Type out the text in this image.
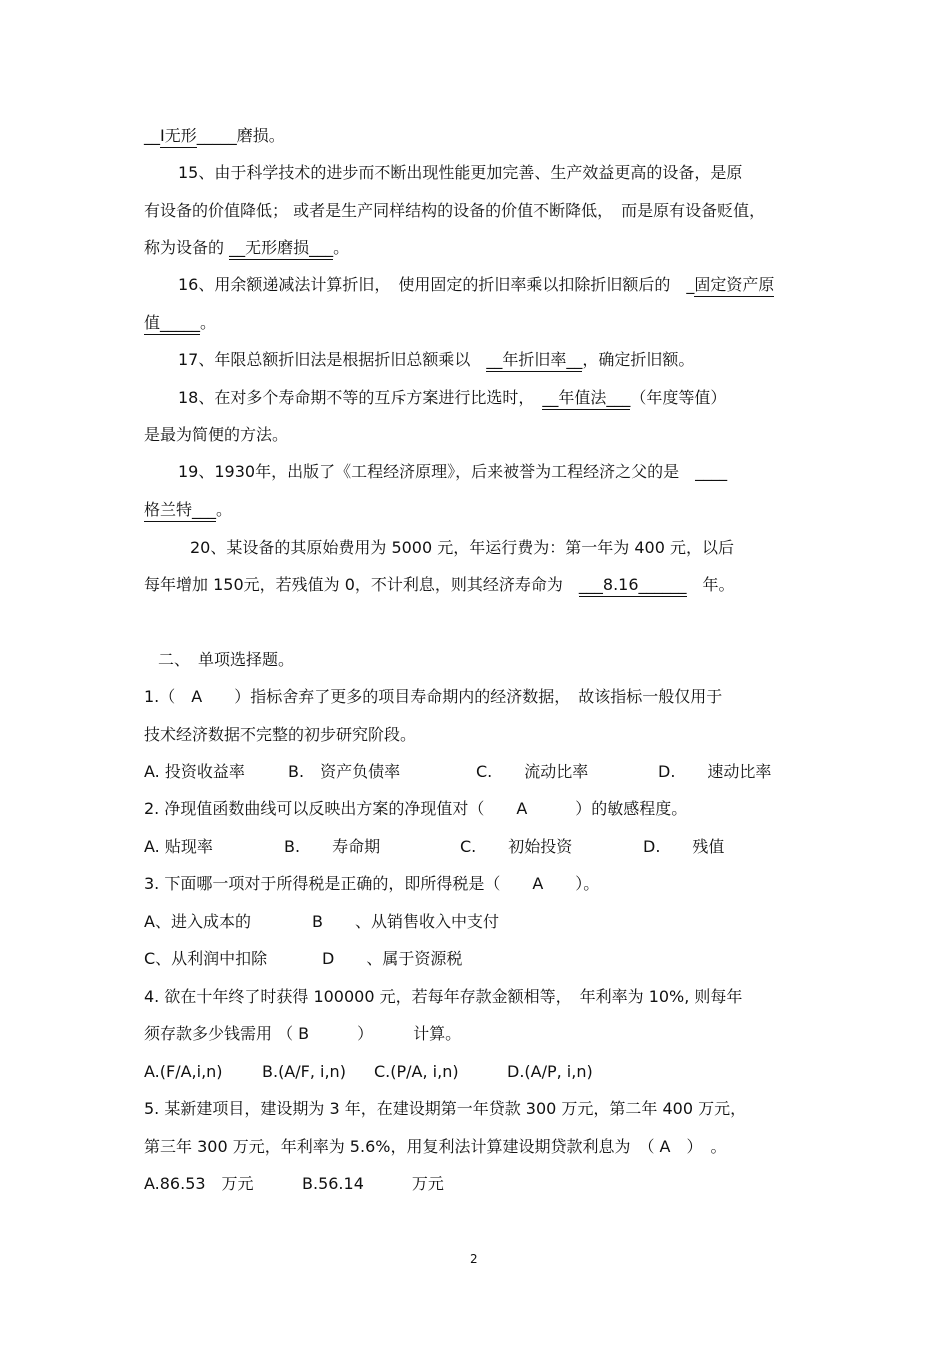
__Ⅰ无形_____磨损。
15、由于科学技术的进步而不断出现性能更加完善、生产效益更高的设备，是原
有设备的价值降低； 或者是生产同样结构的设备的价值不断降低，　而是原有设备贬值，
称为设备的 __无形磨损___。
16、用余额递减法计算折旧，　使用固定的折旧率乘以扣除折旧额后的　_固定资产原
值_____。
17、年限总额折旧法是根据折旧总额乘以　__年折旧率__，确定折旧额。
18、在对多个寿命期不等的互斥方案进行比选时，　__年值法___（年度等值）
是最为简便的方法。
19、1930年，出版了《工程经济原理》，后来被誉为工程经济之父的是　____
格兰特___。
20、某设备的其原始费用为 5000 元，年运行费为：第一年为 400 元，以后
每年增加 150元，若残值为 0，不计利息，则其经济寿命为　___8.16______　年。
二、　单项选择题。
1.（　A　　）指标舍弃了更多的项目寿命期内的经济数据，　故该指标一般仅用于
技术经济数据不完整的初步研究阶段。
A. 投资收益率	B.　资产负债率	C.　　流动比率	D.　　速动比率
2. 净现值函数曲线可以反映出方案的净现值对（　　A　　　）的敏感程度。
A. 贴现率	B.　　寿命期	C.　　初始投资	D.　　残值
3. 下面哪一项对于所得税是正确的，即所得税是（　　A　　）。
A、进入成本的	B　　、从销售收入中支付
C、从利润中扣除	D　　、属于资源税
4. 欲在十年终了时获得 100000 元，若每年存款金额相等，　年利率为 10%, 则每年
须存款多少钱需用 （ B　　　）　　　计算。
A.(F/A,i,n) B.(A/F, i,n) C.(P/A, i,n)	D.(A/P, i,n)
5. 某新建项目，建设期为 3 年，在建设期第一年贷款 300 万元，第二年 400 万元，
第三年 300 万元，年利率为 5.6%，用复利法计算建设期贷款利息为　（ A　）　。
A.86.53　万元	B.56.14　　　万元
2
